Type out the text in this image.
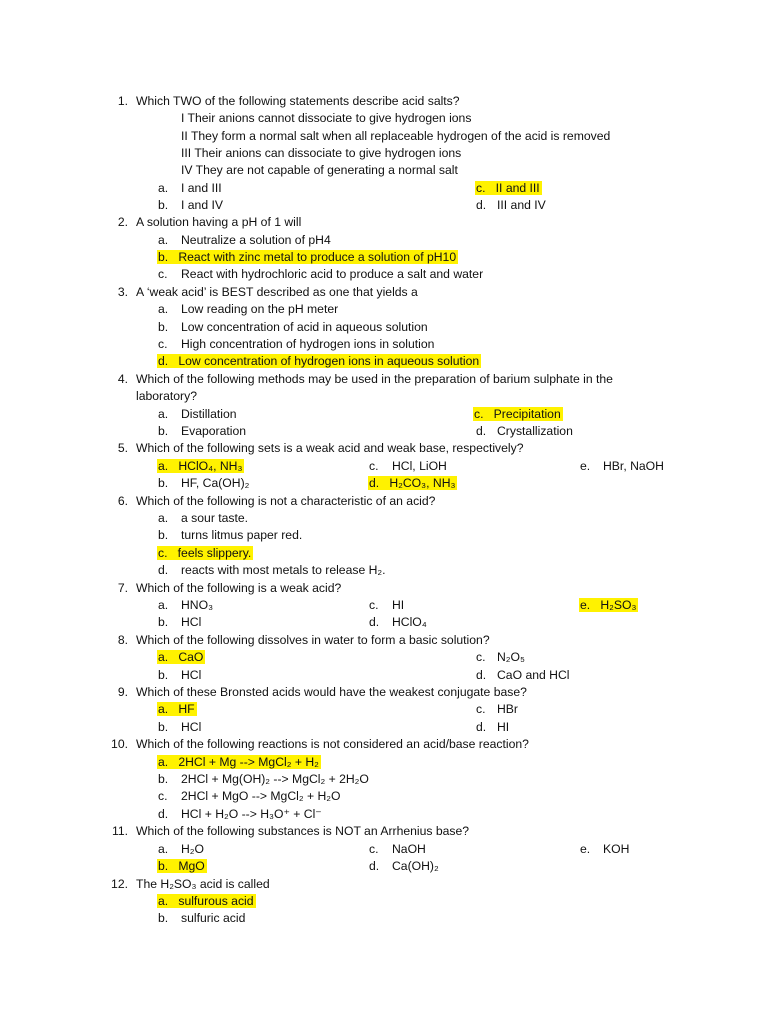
1. Which TWO of the following statements describe acid salts?
I Their anions cannot dissociate to give hydrogen ions
II They form a normal salt when all replaceable hydrogen of the acid is removed
III Their anions can dissociate to give hydrogen ions
IV They are not capable of generating a normal salt
a. I and III	c. II and III
b. I and IV	d. III and IV
2. A solution having a pH of 1 will
a. Neutralize a solution of pH4
b. React with zinc metal to produce a solution of pH10
c. React with hydrochloric acid to produce a salt and water
3. A ‘weak acid’ is BEST described as one that yields a
a. Low reading on the pH meter
b. Low concentration of acid in aqueous solution
c. High concentration of hydrogen ions in solution
d. Low concentration of hydrogen ions in aqueous solution
4. Which of the following methods may be used in the preparation of barium sulphate in the
laboratory?
a. Distillation	c. Precipitation
b. Evaporation	d. Crystallization
5. Which of the following sets is a weak acid and weak base, respectively?
a. HClO₄, NH₃	c. HCl, LiOH	e. HBr, NaOH
b. HF, Ca(OH)₂	d. H₂CO₃, NH₃
6. Which of the following is not a characteristic of an acid?
a. a sour taste.
b. turns litmus paper red.
c. feels slippery.
d. reacts with most metals to release H₂.
7. Which of the following is a weak acid?
a. HNO₃	c. HI	e. H₂SO₃
b. HCl	d. HClO₄
8. Which of the following dissolves in water to form a basic solution?
a. CaO	c. N₂O₅
b. HCl	d. CaO and HCl
9. Which of these Bronsted acids would have the weakest conjugate base?
a. HF	c. HBr
b. HCl	d. HI
10. Which of the following reactions is not considered an acid/base reaction?
a. 2HCl + Mg --> MgCl₂ + H₂
b. 2HCl + Mg(OH)₂ --> MgCl₂ + 2H₂O
c. 2HCl + MgO --> MgCl₂ + H₂O
d. HCl + H₂O --> H₃O⁺ + Cl⁻
11. Which of the following substances is NOT an Arrhenius base?
a. H₂O	c. NaOH	e. KOH
b. MgO	d. Ca(OH)₂
12. The H₂SO₃ acid is called
a. sulfurous acid
b. sulfuric acid
